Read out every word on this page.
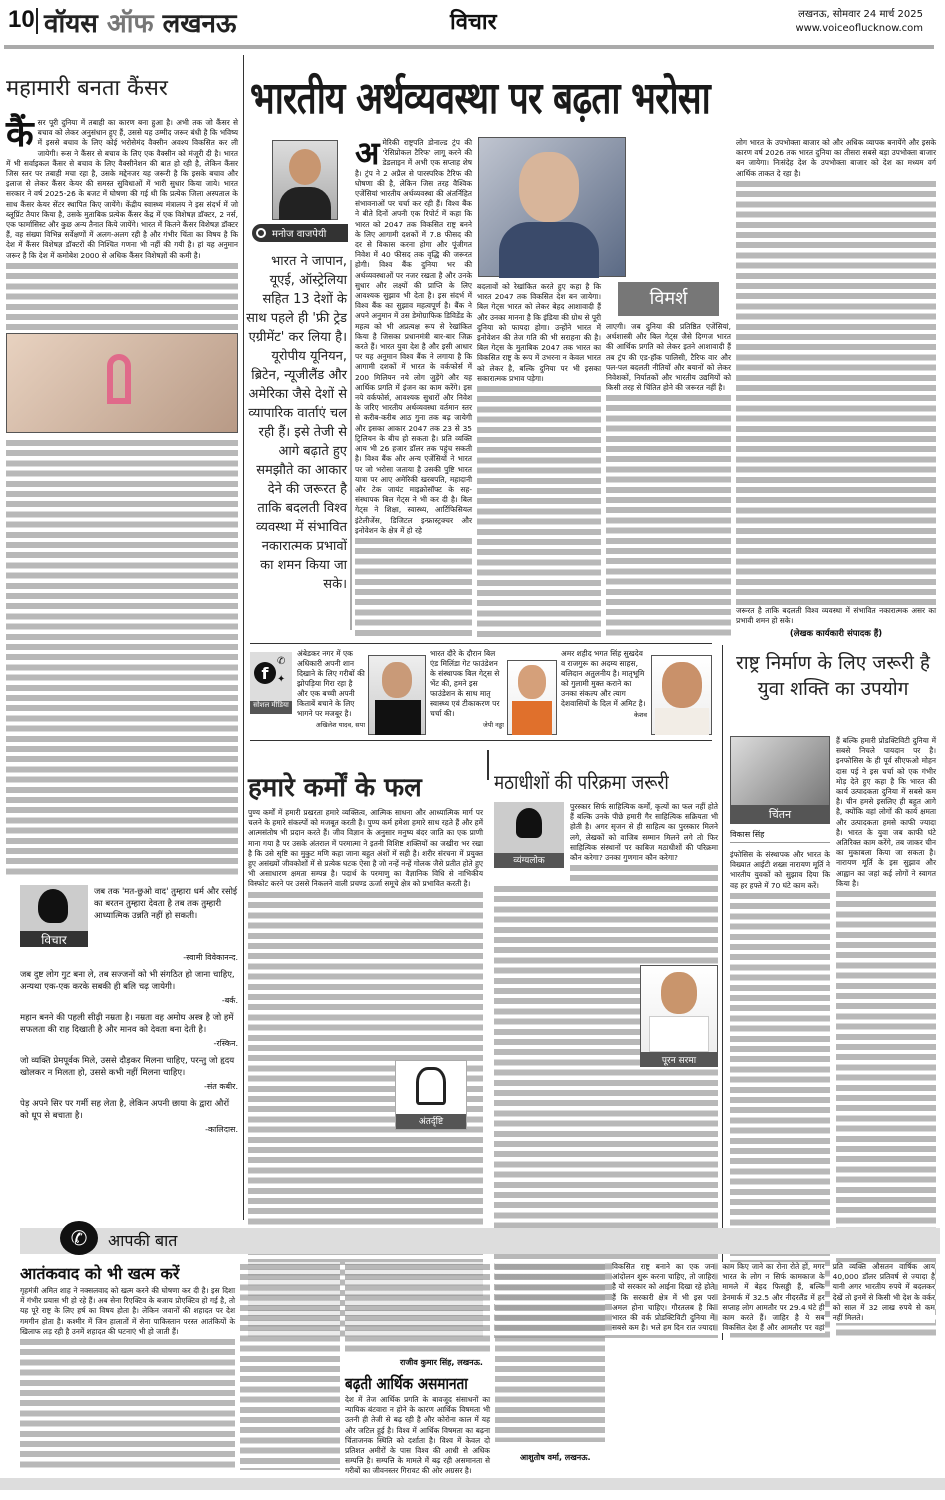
10 वॉयस ऑफ लखनऊ	विचार	लखनऊ, सोमवार 24 मार्च 2025
www.voiceoflucknow.com
महामारी बनता कैंसर

कैंसर पूरी दुनिया में तबाही का कारण बना हुआ है। अभी तक जो कैंसर से बचाव को लेकर अनुसंधान हुए हैं, उससे यह उम्मीद जरूर बंधी है कि भविष्य में इससे बचाव के लिए कोई भरोसेमंद वैक्सीन अवश्य विकसित कर ली जायेगी। रूस ने कैंसर से बचाव के लिए एक वैक्सीन को मंजूरी दी है। भारत में भी सर्वाइकल कैंसर से बचाव के लिए वैक्सीनेशन की बात हो रही है, लेकिन कैंसर जिस स्तर पर तबाही मचा रहा है, उसके मद्देनजर यह जरूरी है कि इसके बचाव और इलाज से लेकर कैंसर केयर की समस्त सुविधाओं में भारी सुधार किया जाये। भारत सरकार ने वर्ष 2025-26 के बजट में घोषणा की गई थी कि प्रत्येक जिला अस्पताल के साथ कैंसर केयर सेंटर स्थापित किए जायेंगे। केंद्रीय स्वास्थ्य मंत्रालय ने इस संदर्भ में जो ब्लूप्रिंट तैयार किया है, उसके मुताबिक प्रत्येक कैंसर केंद्र में एक विशेषज्ञ डॉक्टर, 2 नर्स, एक फार्मासिस्ट और कुछ अन्य तैनात किये जायेंगे। भारत में कितने कैंसर विशेषज्ञ डॉक्टर हैं, वह संख्या विभिन्न सर्वेक्षणों में अलग-अलग रही है और गंभीर चिंता का विषय है कि देश में कैंसर विशेषज्ञ डॉक्टरों की निश्चित गणना भी नहीं की गयी है। हां यह अनुमान जरूर है कि देश में कमोबेश 2000 से अधिक कैंसर विशेषज्ञों की कमी है।

विचार
जब तक 'मत-छुओ वाद' तुम्हारा धर्म और रसोई का बरतन तुम्हारा देवता है तब तक तुम्हारी आध्यात्मिक उन्नति नहीं हो सकती।
-स्वामी विवेकानन्द.
जब दुष्ट लोग गुट बना ले, तब सज्जनों को भी संगठित हो जाना चाहिए, अन्यथा एक-एक करके सबकी ही बलि चढ़ जायेगी।
-बर्क.
महान बनने की पहली सीढ़ी नम्रता है। नम्रता वह अमोघ अस्त्र है जो हमें सफलता की राह दिखाती है और मानव को देवता बना देती है।
-रस्किन.
जो व्यक्ति प्रेमपूर्वक मिले, उससे दौड़कर मिलना चाहिए, परन्तु जो हृदय खोलकर न मिलता हो, उससे कभी नहीं मिलना चाहिए।
-संत कबीर.
पेड़ अपने सिर पर गर्मी सह लेता है, लेकिन अपनी छाया के द्वारा औरों को धूप से बचाता है।
-कालिदास.
भारतीय अर्थव्यवस्था पर बढ़ता भरोसा
मनोज वाजपेयी
भारत ने जापान, यूएई, ऑस्ट्रेलिया सहित 13 देशों के साथ पहले ही 'फ्री ट्रेड एग्रीमेंट' कर लिया है। यूरोपीय यूनियन, ब्रिटेन, न्यूजीलैंड और अमेरिका जैसे देशों से व्यापारिक वार्ताएं चल रही हैं। इसे तेजी से आगे बढ़ाते हुए समझौते का आकार देने की जरूरत है ताकि बदलती विश्व व्यवस्था में संभावित नकारात्मक प्रभावों का शमन किया जा सके।

अमेरिकी राष्ट्रपति डोनाल्ड ट्रंप की 'रेसिप्रोकल टैरिफ' लागू करने की डेडलाइन में अभी एक सप्ताह शेष है। ट्रंप ने 2 अप्रैल से पारस्परिक टैरिफ की घोषणा की है, लेकिन जिस तरह वैश्विक एजेंसियां भारतीय अर्थव्यवस्था की अंतर्निहित संभावनाओं पर चर्चा कर रही हैं। विश्व बैंक ने बीते दिनों अपनी एक रिपोर्ट में कहा कि भारत को 2047 तक विकसित राष्ट्र बनने के लिए आगामी दशकों में 7.8 फीसद की दर से विकास करना होगा और पूंजीगत निवेश में 40 फीसद तक वृद्धि की जरूरत होगी। विश्व बैंक दुनिया भर की अर्थव्यवस्थाओं पर नजर रखता है और उनके सुधार और लक्ष्यों की प्राप्ति के लिए आवश्यक सुझाव भी देता है। इस संदर्भ में विश्व बैंक का सुझाव महत्वपूर्ण है। बैंक ने अपने अनुमान में उस डेमोग्राफिक डिविडेंड के महत्व को भी अप्रत्यक्ष रूप से रेखांकित किया है जिसका प्रधानमंत्री बार-बार जिक्र करते हैं। भारत युवा देश है और इसी आधार पर यह अनुमान विश्व बैंक ने लगाया है कि आगामी दशकों में भारत के वर्कफोर्स में 200 मिलियन नये लोग जुड़ेंगे और यह आर्थिक प्रगति में इंजन का काम करेंगे। इस नये वर्कफोर्स, आवश्यक सुधारों और निवेश के जरिए भारतीय अर्थव्यवस्था वर्तमान स्तर से करीब-करीब आठ गुना तक बढ़ जायेगी और इसका आकार 2047 तक 23 से 35 ट्रिलियन के बीच हो सकता है। प्रति व्यक्ति आय भी 26 हजार डॉलर तक पहुंच सकती है। विश्व बैंक और अन्य एजेंसियों ने भारत पर जो भरोसा जताया है उसकी पुष्टि भारत यात्रा पर आए अमेरिकी खरबपति, महादानी और टेक जायंट माइक्रोसॉफ्ट के सह-संस्थापक बिल गेट्स ने भी कर दी है। बिल गेट्स ने शिक्षा, स्वास्थ्य, आर्टिफिसियल इंटेलीजेंस, डिजिटल इन्फ्रास्ट्रक्चर और इनोवेशन के क्षेत्र में हो रहे

बदलावों को रेखांकित करते हुए कहा है कि भारत 2047 तक विकसित देश बन जायेगा। बिल गेट्स भारत को लेकर बेहद आशावादी हैं और उनका मानना है कि इंडिया की ग्रोथ से पूरी दुनिया को फायदा होगा। उन्होंने भारत में इनोवेशन की तेज गति की भी सराहना की है। बिल गेट्स के मुताबिक 2047 तक भारत का विकसित राष्ट्र के रूप में उभरना न केवल भारत को लेकर है, बल्कि दुनिया पर भी इसका सकारात्मक प्रभाव पड़ेगा।

विमर्श

लाएगी। जब दुनिया की प्रतिष्ठित एजेंसियां, अर्थशास्त्री और बिल गेट्स जैसे दिग्गज भारत की आर्थिक प्रगति को लेकर इतने आशावादी हैं तब ट्रंप की एड-हॉक पालिसी, टैरिफ वार और पल-पल बदलती नीतियों और बयानों को लेकर निवेशकों, निर्यातकों और भारतीय उद्यमियों को किसी तरह से चिंतित होने की जरूरत नहीं है।

लोग भारत के उपभोक्ता बाजार को और अधिक व्यापक बनायेंगे और इसके कारण वर्ष 2026 तक भारत दुनिया का तीसरा सबसे बड़ा उपभोक्ता बाजार बन जायेगा। निःसंदेह देश के उपभोक्ता बाजार को देश का मध्यम वर्ग आर्थिक ताकत दे रहा है।

जरूरत है ताकि बदलती विश्व व्यवस्था में संभावित नकारात्मक असर का प्रभावी शमन हो सके।

(लेखक कार्यकारी संपादक हैं)
f
✆
✦
सोशल मीडिया
अंबेडकर नगर में एक अधिकारी अपनी शान दिखाने के लिए गरीबों की झोपड़िया गिरा रहा है और एक बच्ची अपनी किताबें बचाने के लिए भागने पर मजबूर है।
अखिलेश यादव, सपा
भारत दौरे के दौरान बिल एंड मिलिंडा गेट फाउंडेशन के संस्थापक बिल गेट्स से भेंट की, हमने इस फाउंडेशन के साथ मातृ स्वास्थ्य एवं टीकाकरण पर चर्चा की।
जेपी नड्डा
अमर शहीद भगत सिंह सुखदेव व राजगुरू का अदम्य साहस, बलिदान अतुलनीय है। मातृभूमि को गुलामी मुक्त कराने का उनका संकल्प और त्याग देशवासियों के दिल में अमिट है।
केशव
राष्ट्र निर्माण के लिए जरूरी है युवा शक्ति का उपयोग
चिंतन
विकास सिंह

इंफोसिस के संस्थापक और भारत के विख्यात आईटी शख्स नारायण मूर्ति ने भारतीय युवकों को सुझाव दिया कि वह हर हफ्ते में 70 घंटे काम करें।

हैं बल्कि हमारी प्रोडक्टिविटी दुनिया में सबसे निचले पायदान पर है। इनफोसिस के ही पूर्व सीएफओ मोहन दास पई ने इस चर्चा को एक गंभीर मोड़ देते हुए कहा है कि भारत की कार्य उत्पादकता दुनिया में सबसे कम है। चीन हमसे इसलिए ही बहुत आगे है, क्योंकि वहां लोगों की कार्य क्षमता और उत्पादकता हमसे काफी ज्यादा है। भारत के युवा जब काफी घंटे अतिरिक्त काम करेंगे, तब जाकर चीन का मुकाबला किया जा सकता है। नारायण मूर्ति के इस सुझाव और आह्वान का जहां कई लोगों ने स्वागत किया है।

हमारे कर्मों के फल

पुण्य कर्मों में हमारी प्रखरता हमारे व्यक्तित्व, आत्मिक साधना और आध्यात्मिक मार्ग पर चलने के हमारे संकल्पों को मजबूत करती है। पुण्य कर्म हमेशा हमारे साथ रहते हैं और हमें आत्मसंतोष भी प्रदान करते हैं। जीव विज्ञान के अनुसार मनुष्य बंदर जाति का एक प्राणी माना गया है पर उसके अंतराल में परमात्मा ने इतनी विशिष्ट शक्तियों का जखीरा भर रखा है कि उसे सृष्टि का मुकुट मणि कहा जाना बहुत अंशों में सही है। शरीर संरचना में प्रयुक्त हुए असंख्यों जीवकोशों में से प्रत्येक घटक ऐसा है जो नन्हें नन्हें गोलक जैसे प्रतीत होते हुए भी असाधारण क्षमता सम्पन्न है। पदार्थ के परमाणु का वैज्ञानिक विधि से नाभिकीय विस्फोट करने पर उससे निकलने वाली प्रचण्ड ऊर्जा समूचे क्षेत्र को प्रभावित करती है।

अंतर्दृष्टि
मठाधीशों की परिक्रमा जरूरी
व्यंग्यलोक

पुरस्कार सिर्फ साहित्यिक कर्मों, कृत्यों का फल नहीं होते हैं बल्कि उनके पीछे हमारी गैर साहित्यिक सक्रियता भी होती है। अगर सृजन से ही साहित्य का पुरस्कार मिलने लगे, लेखकों को वाजिब सम्मान मिलने लगे तो फिर साहित्यिक संस्थानों पर काबिज मठाधीशों की परिक्रमा कौन करेगा? उनका गुणगान कौन करेगा?

पूरन सरमा
✆	आपकी बात
आतंकवाद को भी खत्म करें

गृहमंत्री अमित शाह ने नक्सलवाद को खत्म करने की घोषणा कर दी है। इस दिशा में गंभीर प्रयास भी हो रहे हैं। अब सेना रिएक्टिव के बजाय प्रोएक्टिव हो गई है, तो यह पूरे राष्ट्र के लिए हर्ष का विषय होता है। लेकिन जवानों की शहादत पर देश गमगीन होता है। कश्मीर में जिन हालातों में सेना पाकिस्तान परस्त आतंकियों के खिलाफ लड़ रही है उनमें शहादत की घटनाएं भी हो जाती हैं।

राजीव कुमार सिंह, लखनऊ.
बढ़ती आर्थिक असमानता

देश में तेज आर्थिक प्रगति के बावजूद संसाधनों का न्यायिक बंटवारा न होने के कारण आर्थिक विषमता भी उतनी ही तेजी से बढ़ रही है और कोरोना काल में यह और जटिल हुई है। विश्व में आर्थिक विषमता का बढ़ना चिंताजनक स्थिति को दर्शाता है। विश्व में केवल दो प्रतिशत अमीरों के पास विश्व की आधी से अधिक सम्पत्ति है। सम्पत्ति के मामले में बढ़ रही असमानता से गरीबों का जीवनस्तर गिरावट की ओर अग्रसर है।

आशुतोष वर्मा, लखनऊ.

विकसित राष्ट्र बनाने का एक जन आंदोलन शुरू करना चाहिए, तो जाहिर है यो सरकार को आईना दिखा रहे होते हैं कि सरकारी क्षेत्र में भी इस पर अमल होना चाहिए। गौरतलब है कि भारत की वर्क प्रोडक्टिविटी दुनिया में सबसे कम है। भले हम दिन रात ज्यादा काम किए जाने का रोना रोते हों, मगर भारत के लोग न सिर्फ कामकाज के मामले में बेहद फिसड्डी हैं, बल्कि डेनमार्क में 32.5 और नीदरलैंड में हर सप्ताह लोग आमतौर पर 29.4 घंटे ही काम करते हैं। जाहिर है ये सब विकसित देश हैं और आमतौर पर वहां प्रति व्यक्ति औसतन वार्षिक आय 40,000 डॉलर प्रतिवर्ष से ज्यादा है यानी अगर भारतीय रुपये में बदलकर देखें तो इनमें से किसी भी देश के वर्कर को साल में 32 लाख रुपये से कम नहीं मिलते।
